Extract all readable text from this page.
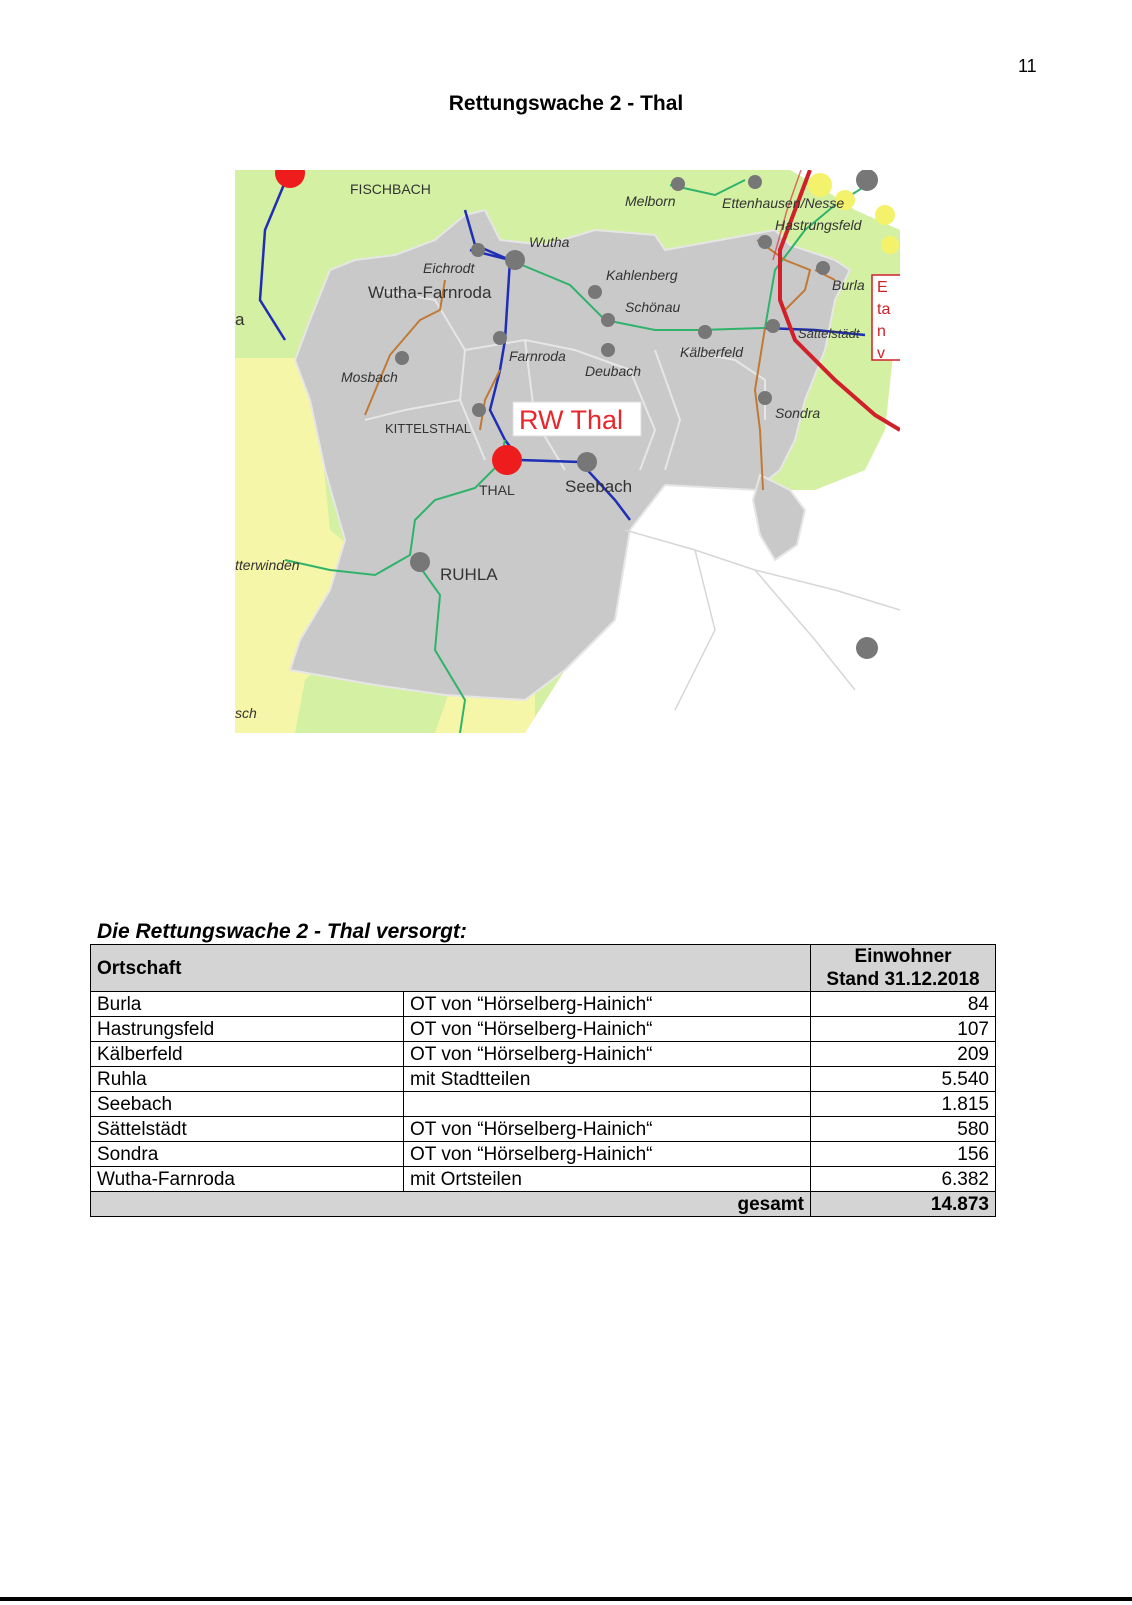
11
Rettungswache 2 - Thal
E
ta
n
v
FISCHBACH
Melborn	Ettenhausen/Nesse
Hastrungsfeld
Wutha
Eichrodt	Kahlenberg
Schönau
Burla
Sättelstädt
Farnroda	Kälberfeld
Deubach
Mosbach
Sondra
THAL
tterwinden
sch
Wutha-Farnroda
KITTELSTHAL
Seebach
RUHLA
a
RW Thal
Die Rettungswache 2 - Thal versorgt:
Ortschaft		Einwohner
Stand 31.12.2018
Burla	OT von “Hörselberg-Hainich“	84
Hastrungsfeld	OT von “Hörselberg-Hainich“	107
Kälberfeld	OT von “Hörselberg-Hainich“	209
Ruhla	mit Stadtteilen	5.540
Seebach		1.815
Sättelstädt	OT von “Hörselberg-Hainich“	580
Sondra	OT von “Hörselberg-Hainich“	156
Wutha-Farnroda	mit Ortsteilen	6.382
gesamt		14.873
